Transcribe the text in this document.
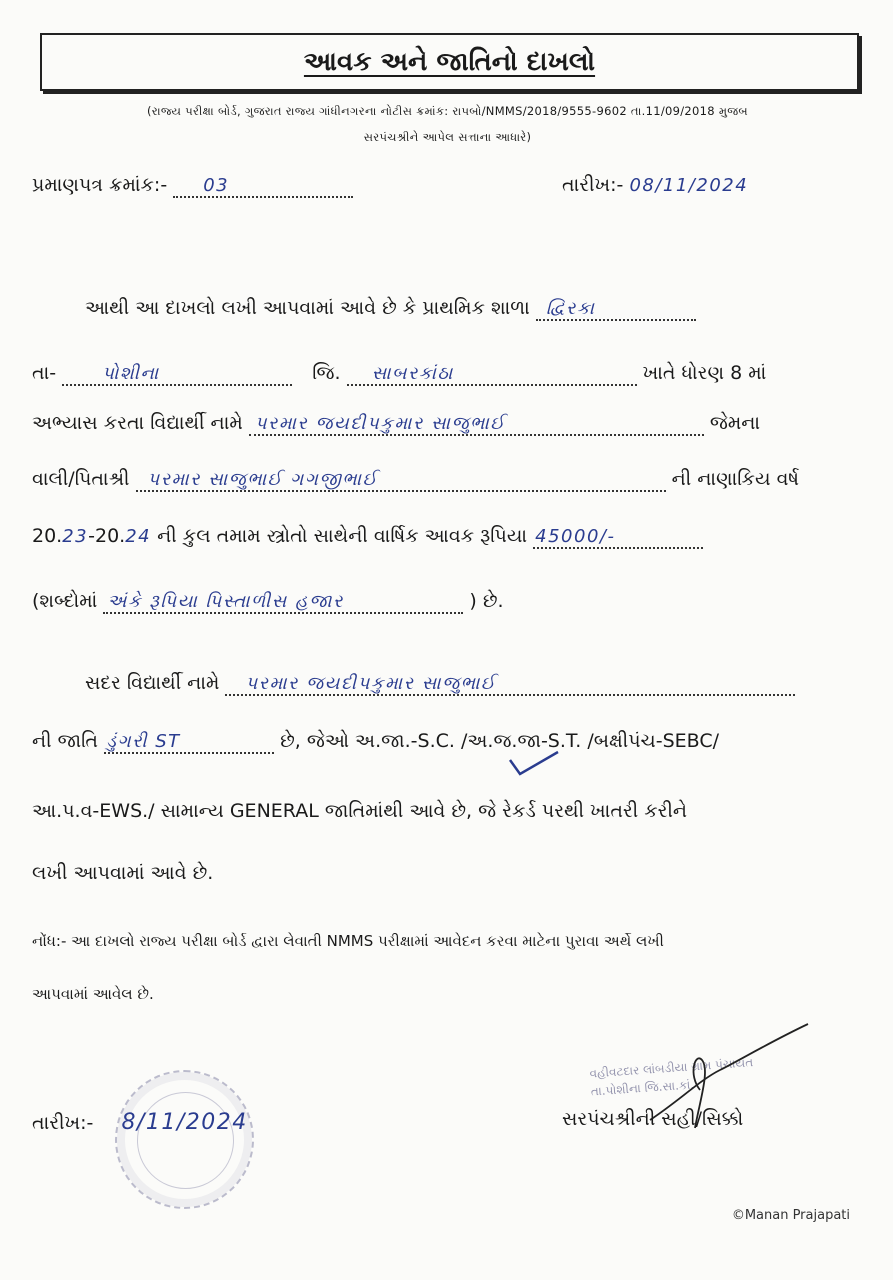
આવક અને જાતિનો દાખલો
(રાજ્ય પરીક્ષા બોર્ડ, ગુજરાત રાજ્ય ગાંધીનગરના નોટીસ ક્રમાંક: રાપબો/NMMS/2018/9555-9602 તા.11/09/2018 મુજબ
સરપંચશ્રીને આપેલ સત્તાના આધારે)
પ્રમાણપત્ર ક્રમાંક:- 03
	તારીખ:- 08/11/2024
આથી આ દાખલો લખી આપવામાં આવે છે કે પ્રાથમિક શાળા દ્વિરકા

તા-	પોશીના	જિ. સાબરકાંઠા	ખાતે ધોરણ 8 માં
અભ્યાસ કરતા વિદ્યાર્થી નામે પરમાર જયદીપકુમાર સાજુભાઈ	જેમના
વાલી/પિતાશ્રી પરમાર સાજુભાઈ ગગજીભાઈ	ની નાણાકિય વર્ષ
20.23-20.24 ની કુલ તમામ સ્ત્રોતો સાથેની વાર્ષિક આવક રૂપિયા 45000/-

(શબ્દોમાં અંકે રૂપિયા પિસ્તાળીસ હજાર	) છે.
સદર વિદ્યાર્થી નામે પરમાર જયદીપકુમાર સાજુભાઈ

ની જાતિ ડુંગરી ST	છે, જેઓ અ.જા.-S.C. /અ.જ.જા-S.T. /બક્ષીપંચ-SEBC/
આ.પ.વ-EWS./ સામાન્ય GENERAL જાતિમાંથી આવે છે, જે રેકર્ડ પરથી ખાતરી કરીને
લખી આપવામાં આવે છે.
નોંધ:- આ દાખલો રાજ્ય પરીક્ષા બોર્ડ દ્વારા લેવાતી NMMS પરીક્ષામાં આવેદન કરવા માટેના પુરાવા અર્થે લખી
આપવામાં આવેલ છે.
તારીખ:- 8/11/2024
વહીવટદાર લાંબડીયા ગ્રામ પંચાયત તા.પોશીના જિ.સા.કાં.
સરપંચશ્રીની સહી/સિક્કો
©Manan Prajapati
